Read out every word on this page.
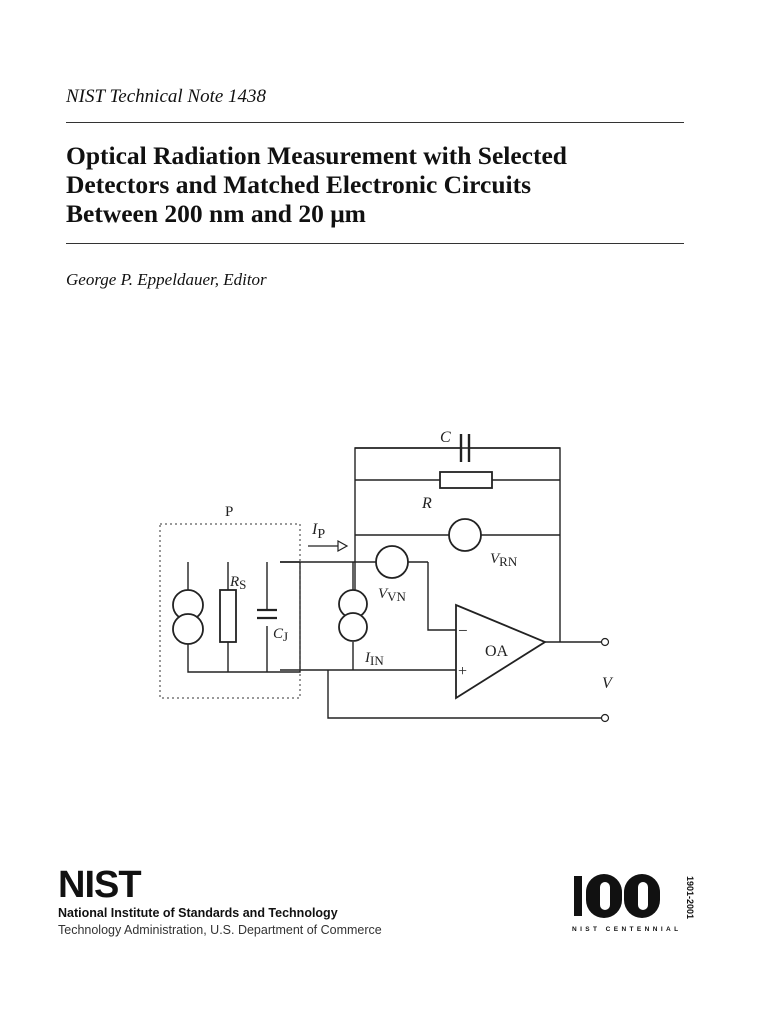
NIST Technical Note 1438
Optical Radiation Measurement with Selected
Detectors and Matched Electronic Circuits
Between 200 nm and 20 μm
George P. Eppeldauer, Editor
C
R
VRN
VVN
IP
IIN
−
+
OA
V
P
RS
CJ
NIST
National Institute of Standards and Technology
Technology Administration, U.S. Department of Commerce
1901-2001
NIST CENTENNIAL
